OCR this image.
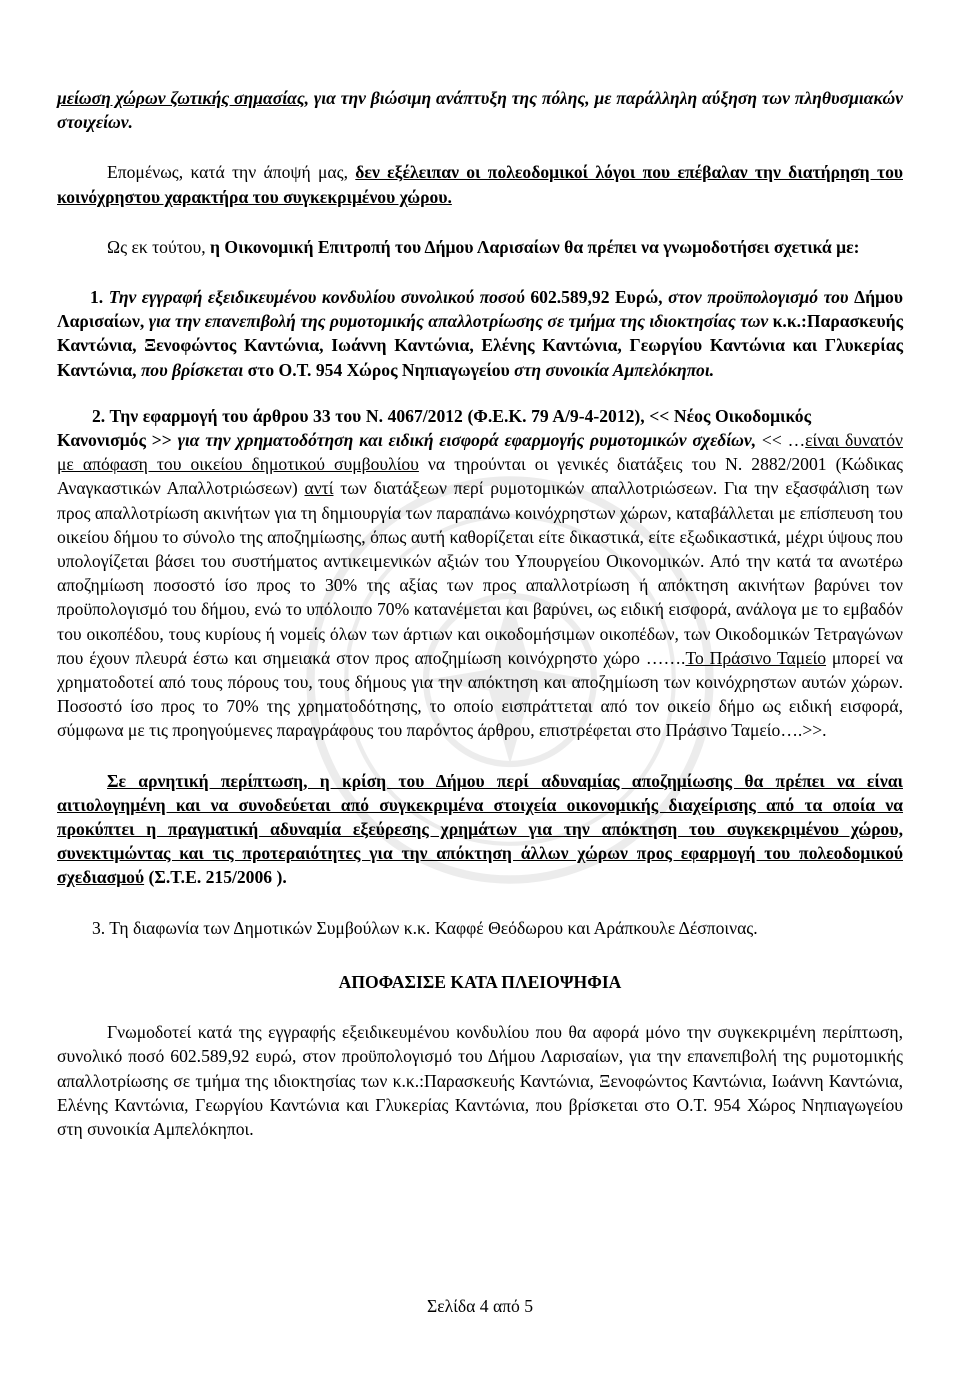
μείωση χώρων ζωτικής σημασίας, για την βιώσιμη ανάπτυξη της πόλης, με παράλληλη αύξηση των πληθυσμιακών στοιχείων.

Επομένως, κατά την άποψή μας, δεν εξέλειπαν οι πολεοδομικοί λόγοι που επέβαλαν την διατήρηση του κοινόχρηστου χαρακτήρα του συγκεκριμένου χώρου.

Ως εκ τούτου, η Οικονομική Επιτροπή του Δήμου Λαρισαίων θα πρέπει να γνωμοδοτήσει σχετικά με:

1. Την εγγραφή εξειδικευμένου κονδυλίου συνολικού ποσού 602.589,92 Ευρώ, στον προϋπολογισμό του Δήμου Λαρισαίων, για την επανεπιβολή της ρυμοτομικής απαλλοτρίωσης σε τμήμα της ιδιοκτησίας των κ.κ.:Παρασκευής Καντώνια, Ξενοφώντος Καντώνια, Ιωάννη Καντώνια, Ελένης Καντώνια, Γεωργίου Καντώνια και Γλυκερίας Καντώνια, που βρίσκεται στο Ο.Τ. 954 Χώρος Νηπιαγωγείου στη συνοικία Αμπελόκηποι.

2. Την εφαρμογή του άρθρου 33 του Ν. 4067/2012 (Φ.Ε.Κ. 79 Α/9-4-2012), << Νέος ΟικοδομικόςΚανονισμός >> για την χρηματοδότηση και ειδική εισφορά εφαρμογής ρυμοτομικών σχεδίων, << …είναι δυνατόν με απόφαση του οικείου δημοτικού συμβουλίου να τηρούνται οι γενικές διατάξεις του Ν. 2882/2001 (Κώδικας Αναγκαστικών Απαλλοτριώσεων) αντί των διατάξεων περί ρυμοτομικών απαλλοτριώσεων. Για την εξασφάλιση των προς απαλλοτρίωση ακινήτων για τη δημιουργία των παραπάνω κοινόχρηστων χώρων, καταβάλλεται με επίσπευση του οικείου δήμου το σύνολο της αποζημίωσης, όπως αυτή καθορίζεται είτε δικαστικά, είτε εξωδικαστικά, μέχρι ύψους που υπολογίζεται βάσει του συστήματος αντικειμενικών αξιών του Υπουργείου Οικονομικών. Από την κατά τα ανωτέρω αποζημίωση ποσοστό ίσο προς το 30% της αξίας των προς απαλλοτρίωση ή απόκτηση ακινήτων βαρύνει τον προϋπολογισμό του δήμου, ενώ το υπόλοιπο 70% κατανέμεται και βαρύνει, ως ειδική εισφορά, ανάλογα με το εμβαδόν του οικοπέδου, τους κυρίους ή νομείς όλων των άρτιων και οικοδομήσιμων οικοπέδων, των Οικοδομικών Τετραγώνων που έχουν πλευρά έστω και σημειακά στον προς αποζημίωση κοινόχρηστο χώρο …….Το Πράσινο Ταμείο μπορεί να χρηματοδοτεί από τους πόρους του, τους δήμους για την απόκτηση και αποζημίωση των κοινόχρηστων αυτών χώρων. Ποσοστό ίσο προς το 70% της χρηματοδότησης, το οποίο εισπράττεται από τον οικείο δήμο ως ειδική εισφορά, σύμφωνα με τις προηγούμενες παραγράφους του παρόντος άρθρου, επιστρέφεται στο Πράσινο Ταμείο….>>.

Σε αρνητική περίπτωση, η κρίση του Δήμου περί αδυναμίας αποζημίωσης θα πρέπει να είναι αιτιολογημένη και να συνοδεύεται από συγκεκριμένα στοιχεία οικονομικής διαχείρισης από τα οποία να προκύπτει η πραγματική αδυναμία εξεύρεσης χρημάτων για την απόκτηση του συγκεκριμένου χώρου, συνεκτιμώντας και τις προτεραιότητες για την απόκτηση άλλων χώρων προς εφαρμογή του πολεοδομικού σχεδιασμού (Σ.Τ.Ε. 215/2006 ).

3. Τη διαφωνία των Δημοτικών Συμβούλων κ.κ. Καφφέ Θεόδωρου και Αράπκουλε Δέσποινας.

ΑΠΟΦΑΣΙΣΕ ΚΑΤΑ ΠΛΕΙΟΨΗΦΙΑ

Γνωμοδοτεί κατά της εγγραφής εξειδικευμένου κονδυλίου που θα αφορά μόνο την συγκεκριμένη περίπτωση, συνολικό ποσό 602.589,92 ευρώ, στον προϋπολογισμό του Δήμου Λαρισαίων, για την επανεπιβολή της ρυμοτομικής απαλλοτρίωσης σε τμήμα της ιδιοκτησίας των κ.κ.:Παρασκευής Καντώνια, Ξενοφώντος Καντώνια, Ιωάννη Καντώνια, Ελένης Καντώνια, Γεωργίου Καντώνια και Γλυκερίας Καντώνια, που βρίσκεται στο Ο.Τ. 954 Χώρος Νηπιαγωγείου στη συνοικία Αμπελόκηποι.

Σελίδα 4 από 5
